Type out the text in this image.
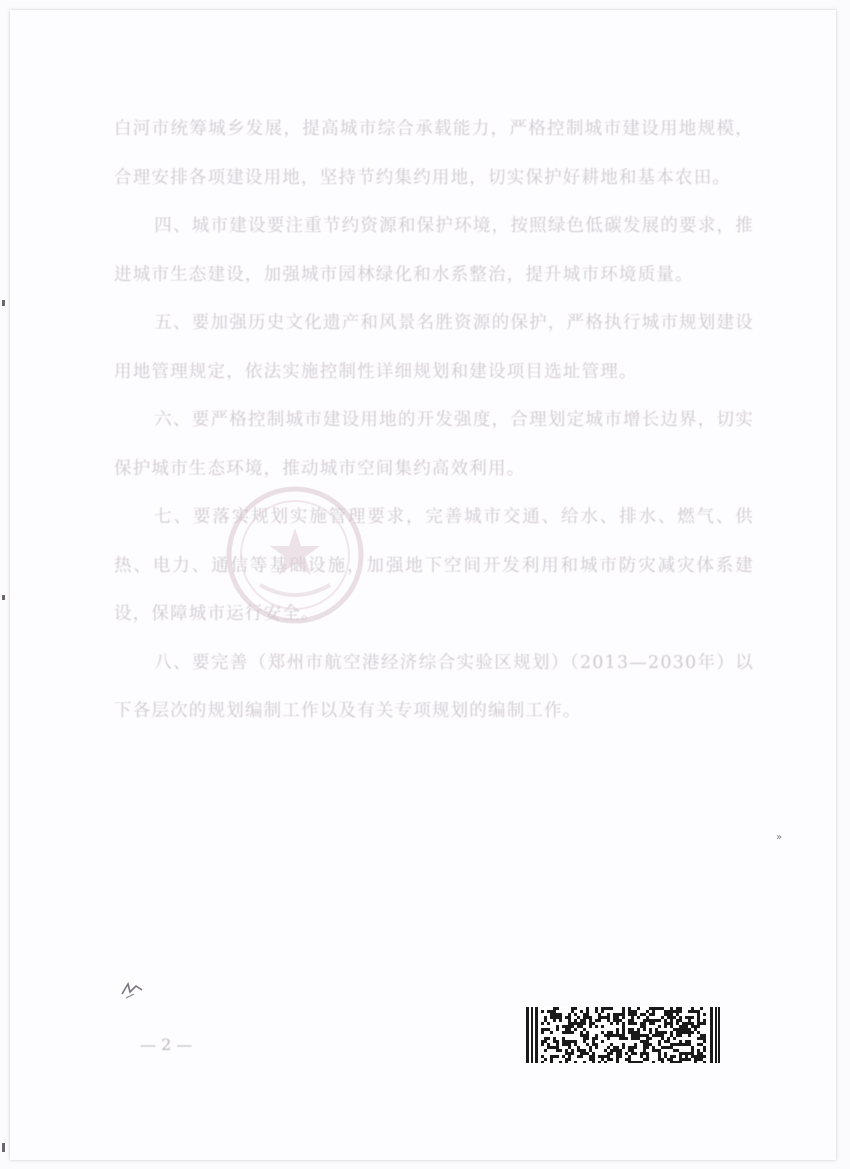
白河市统筹城乡发展，提高城市综合承载能力，严格控制城市建设用地规模，合理安排各项建设用地，坚持节约集约用地，切实保护好耕地和基本农田。

四、城市建设要注重节约资源和保护环境，按照绿色低碳发展的要求，推进城市生态建设，加强城市园林绿化和水系整治，提升城市环境质量。

五、要加强历史文化遗产和风景名胜资源的保护，严格执行城市规划建设用地管理规定，依法实施控制性详细规划和建设项目选址管理。

六、要严格控制城市建设用地的开发强度，合理划定城市增长边界，切实保护城市生态环境，推动城市空间集约高效利用。

七、要落实规划实施管理要求，完善城市交通、给水、排水、燃气、供热、电力、通信等基础设施，加强地下空间开发利用和城市防灾减灾体系建设，保障城市运行安全。

八、要完善（郑州市航空港经济综合实验区规划）（2013—2030年）以下各层次的规划编制工作以及有关专项规划的编制工作。

»
— 2 —
